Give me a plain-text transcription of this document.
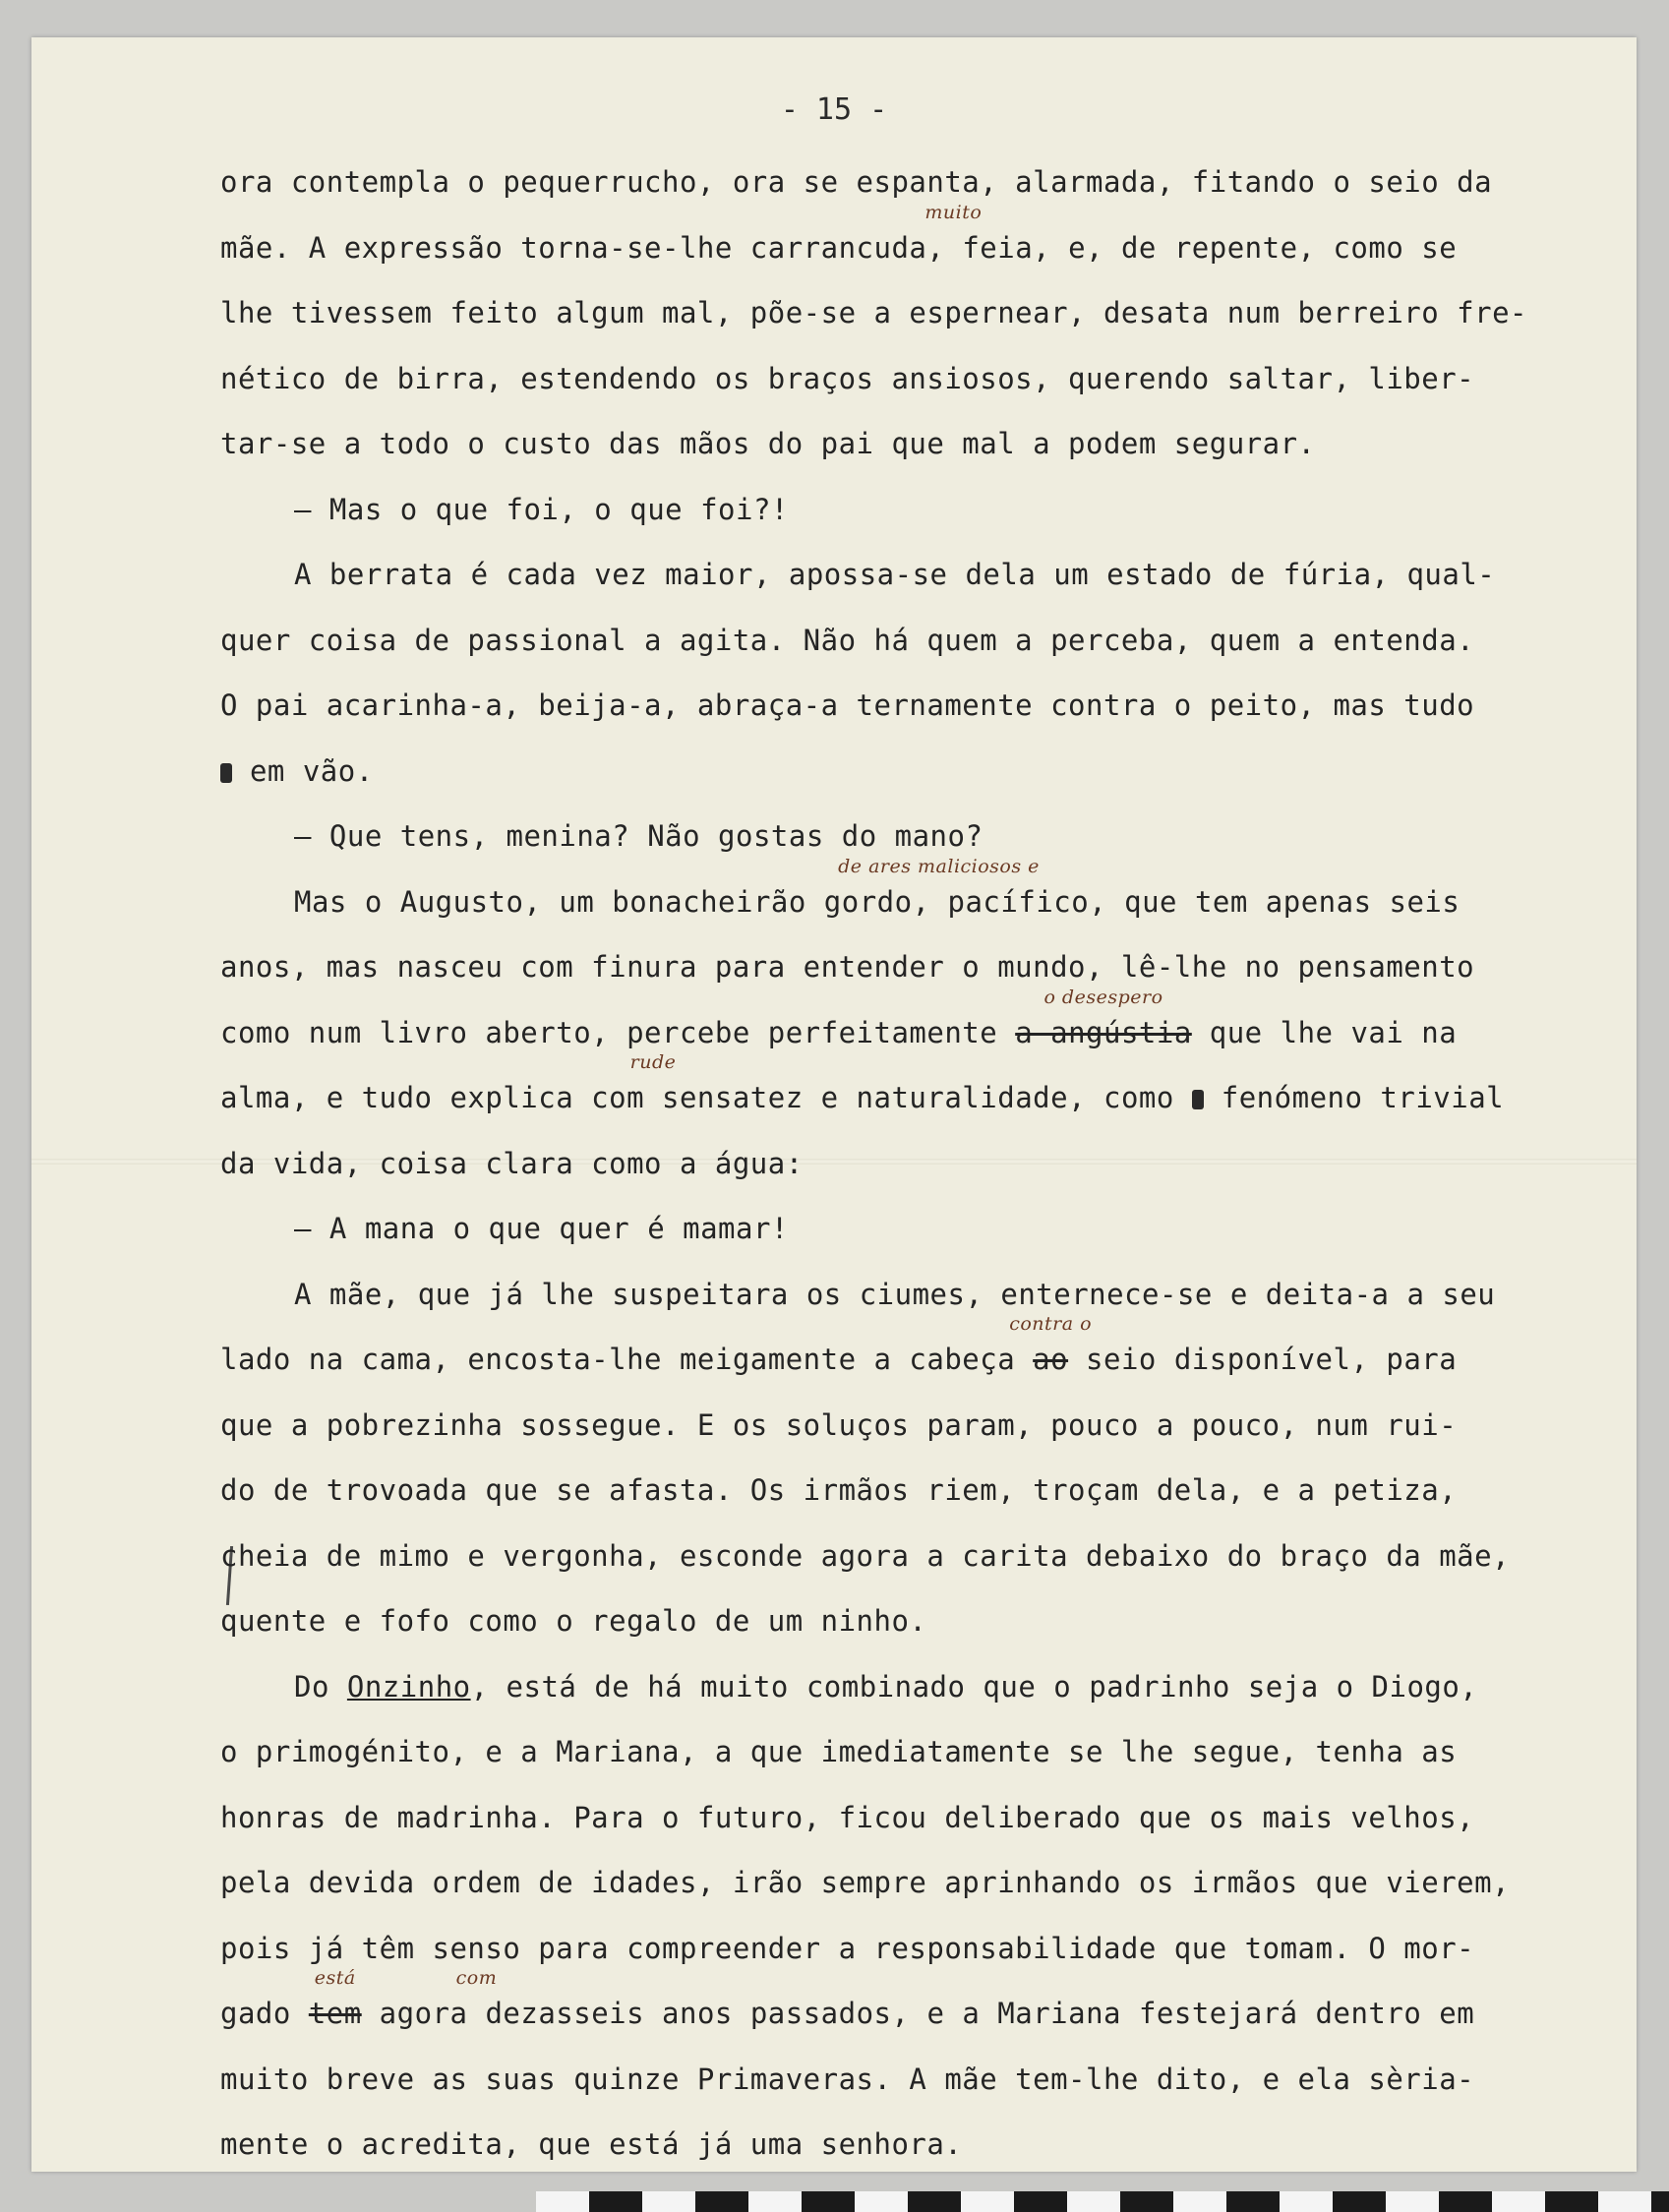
- 15 -
ora contempla o pequerrucho, ora se espanta, alarmada, fitando o seio da
mãe. A expressão torna-se-lhe carrancuda,
muito
feia, e, de repente, como se
lhe tivessem feito algum mal, põe-se a espernear, desata num berreiro fre-
nético de birra, estendendo os braços ansiosos, querendo saltar, liber-
tar-se a todo o custo das mãos do pai que mal a podem segurar.
— Mas o que foi, o que foi?!
A berrata é cada vez maior, apossa-se dela um estado de fúria, qual-
quer coisa de passional a agita. Não há quem a perceba, quem a entenda.
O pai acarinha-a, beija-a, abraça-a ternamente contra o peito, mas tudo
em vão.
— Que tens, menina? Não gostas do mano?
Mas o Augusto, um bonacheirão gordo,
de ares maliciosos e
pacífico, que tem apenas seis
anos, mas nasceu com finura para entender o mundo, lê-lhe no pensamento
como num livro aberto, percebe perfeitamente
o desespero
a angústia que lhe vai na
alma, e tudo explica com
rude
sensatez e naturalidade, como fenómeno trivial
da vida, coisa clara como a água:
— A mana o que quer é mamar!
A mãe, que já lhe suspeitara os ciumes, enternece-se e deita-a a seu
lado na cama, encosta-lhe meigamente a cabeça
contra o
ao seio disponível, para
que a pobrezinha sossegue. E os soluços param, pouco a pouco, num rui-
do de trovoada que se afasta. Os irmãos riem, troçam dela, e a petiza,
cheia de mimo e vergonha, esconde agora a carita debaixo do braço da mãe,
quente e fofo como o regalo de um ninho.
Do Onzinho, está de há muito combinado que o padrinho seja o Diogo,
o primogénito, e a Mariana, a que imediatamente se lhe segue, tenha as
honras de madrinha. Para o futuro, ficou deliberado que os mais velhos,
pela devida ordem de idades, irão sempre aprinhando os irmãos que vierem,
pois já têm senso para compreender a responsabilidade que tomam. O mor-
gado
está
tem agora
com
dezasseis anos passados, e a Mariana festejará dentro em
muito breve as suas quinze Primaveras. A mãe tem-lhe dito, e ela sèria-
mente o acredita, que está já uma senhora.
